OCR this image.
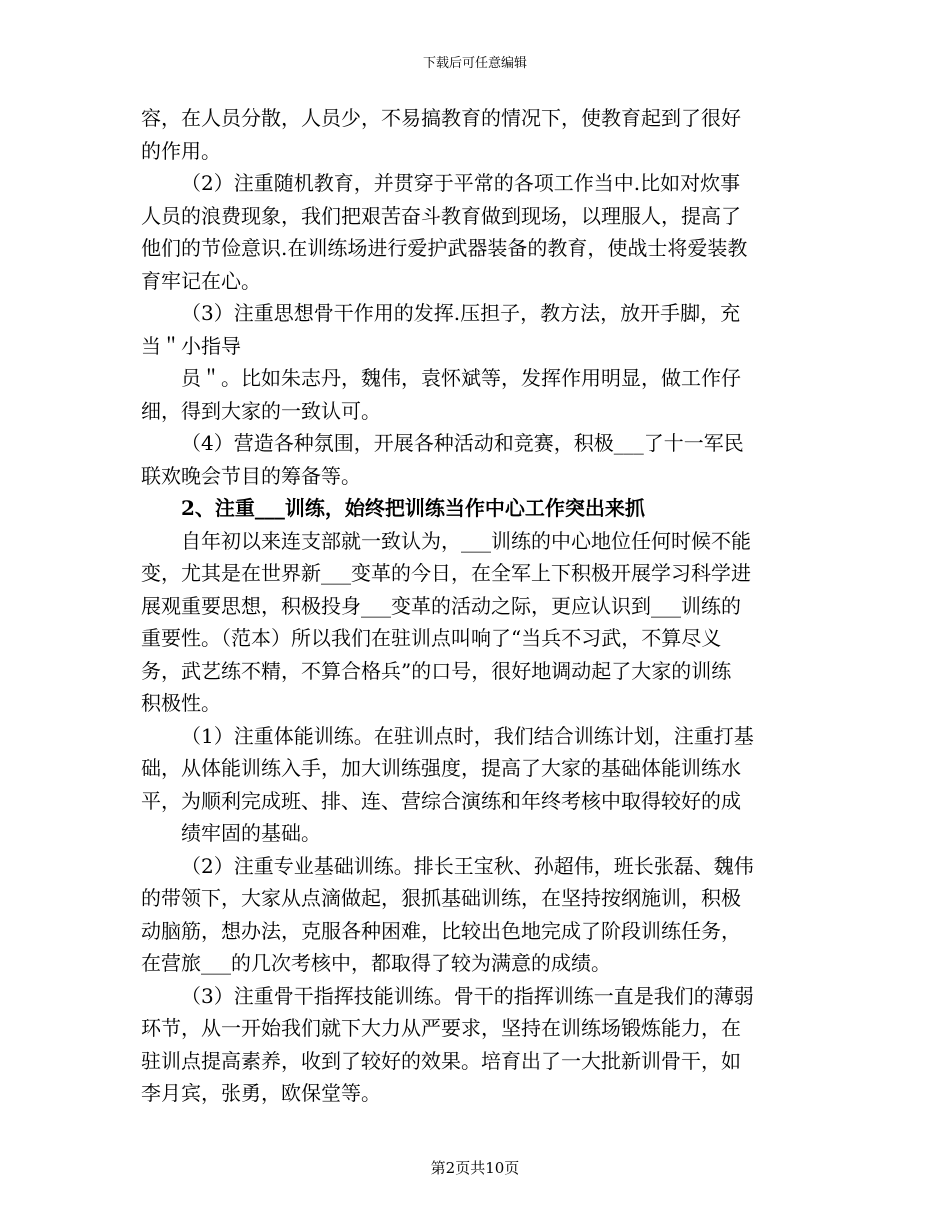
下载后可任意编辑
容，在人员分散，人员少，不易搞教育的情况下，使教育起到了很好
的作用。
（2）注重随机教育，并贯穿于平常的各项工作当中.比如对炊事
人员的浪费现象，我们把艰苦奋斗教育做到现场，以理服人，提高了
他们的节俭意识.在训练场进行爱护武器装备的教育，使战士将爱装教
育牢记在心。
（3）注重思想骨干作用的发挥.压担子，教方法，放开手脚，充
当＂小指导
员＂。比如朱志丹，魏伟，袁怀斌等，发挥作用明显，做工作仔
细，得到大家的一致认可。
（4）营造各种氛围，开展各种活动和竞赛，积极___了十一军民
联欢晚会节目的筹备等。
2、注重___训练，始终把训练当作中心工作突出来抓
自年初以来连支部就一致认为，___训练的中心地位任何时候不能
变，尤其是在世界新___变革的今日，在全军上下积极开展学习科学进
展观重要思想，积极投身___变革的活动之际，更应认识到___训练的
重要性。（范本）所以我们在驻训点叫响了“当兵不习武，不算尽义
务，武艺练不精，不算合格兵”的口号，很好地调动起了大家的训练
积极性。
（1）注重体能训练。在驻训点时，我们结合训练计划，注重打基
础，从体能训练入手，加大训练强度，提高了大家的基础体能训练水
平，为顺利完成班、排、连、营综合演练和年终考核中取得较好的成
绩牢固的基础。
（2）注重专业基础训练。排长王宝秋、孙超伟，班长张磊、魏伟
的带领下，大家从点滴做起，狠抓基础训练，在坚持按纲施训，积极
动脑筋，想办法，克服各种困难，比较出色地完成了阶段训练任务，
在营旅___的几次考核中，都取得了较为满意的成绩。
（3）注重骨干指挥技能训练。骨干的指挥训练一直是我们的薄弱
环节，从一开始我们就下大力从严要求，坚持在训练场锻炼能力，在
驻训点提高素养，收到了较好的效果。培育出了一大批新训骨干，如
李月宾，张勇，欧保堂等。
第2页共10页
